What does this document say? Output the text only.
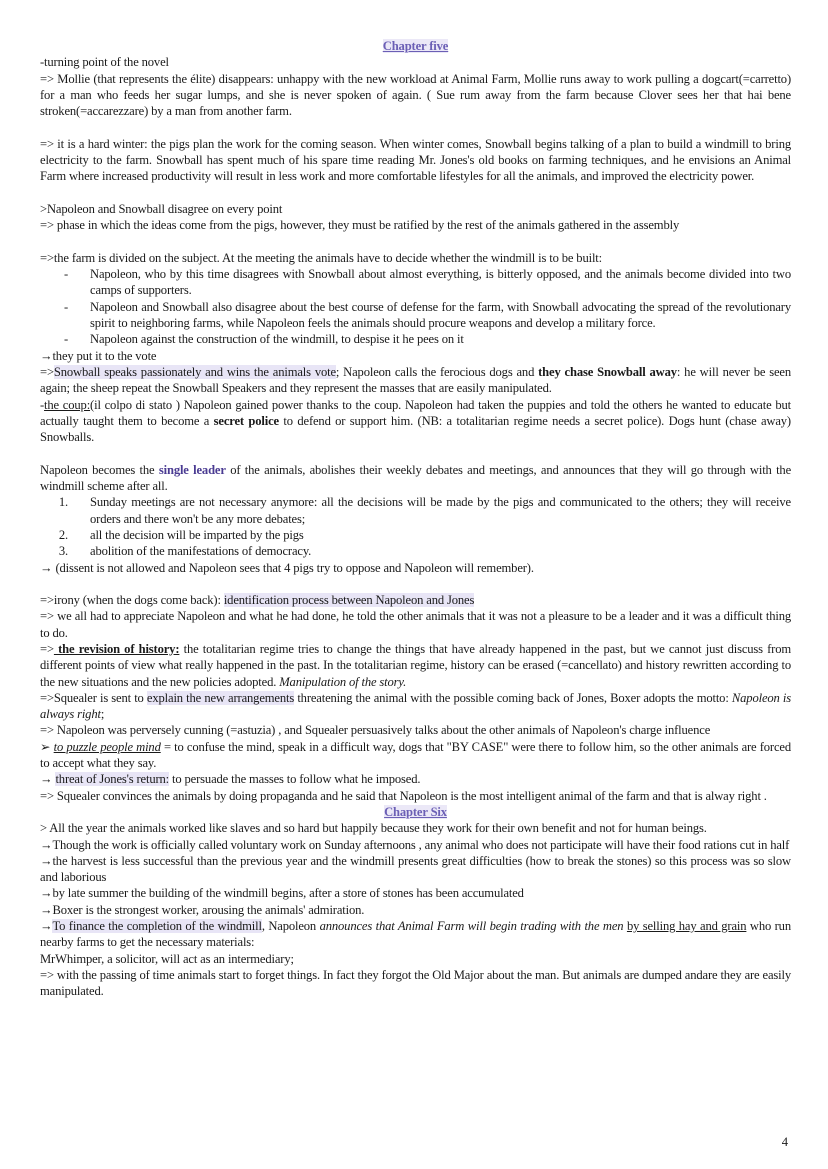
Chapter five
-turning point of the novel
=> Mollie (that represents the élite) disappears: unhappy with the new workload at Animal Farm, Mollie runs away to work pulling a dogcart(=carretto) for a man who feeds her sugar lumps, and she is never spoken of again. ( Sue rum away from the farm because Clover sees her that hai bene stroken(=accarezzare) by a man from another farm.
=> it is a hard winter: the pigs plan the work for the coming season. When winter comes, Snowball begins talking of a plan to build a windmill to bring electricity to the farm. Snowball has spent much of his spare time reading Mr. Jones's old books on farming techniques, and he envisions an Animal Farm where increased productivity will result in less work and more comfortable lifestyles for all the animals, and improved the electricity power.
>Napoleon and Snowball disagree on every point
=> phase in which the ideas come from the pigs, however, they must be ratified by the rest of the animals gathered in the assembly
=>the farm is divided on the subject. At the meeting the animals have to decide whether the windmill is to be built:
-	Napoleon, who by this time disagrees with Snowball about almost everything, is bitterly opposed, and the animals become divided into two camps of supporters.
-	Napoleon and Snowball also disagree about the best course of defense for the farm, with Snowball advocating the spread of the revolutionary spirit to neighboring farms, while Napoleon feels the animals should procure weapons and develop a military force.
-	Napoleon against the construction of the windmill, to despise it he pees on it
→they put it to the vote
=>Snowball speaks passionately and wins the animals vote; Napoleon calls the ferocious dogs and they chase Snowball away: he will never be seen again; the sheep repeat the Snowball Speakers and they represent the masses that are easily manipulated.
-the coup:(il colpo di stato ) Napoleon gained power thanks to the coup. Napoleon had taken the puppies and told the others he wanted to educate but actually taught them to become a secret police to defend or support him. (NB: a totalitarian regime needs a secret police). Dogs hunt (chase away) Snowballs.
Napoleon becomes the single leader of the animals, abolishes their weekly debates and meetings, and announces that they will go through with the windmill scheme after all.
1.	Sunday meetings are not necessary anymore: all the decisions will be made by the pigs and communicated to the others; they will receive orders and there won't be any more debates;
2.	all the decision will be imparted by the pigs
3.	abolition of the manifestations of democracy.
→ (dissent is not allowed and Napoleon sees that 4 pigs try to oppose and Napoleon will remember).
=>irony (when the dogs come back): identification process between Napoleon and Jones
=> we all had to appreciate Napoleon and what he had done, he told the other animals that it was not a pleasure to be a leader and it was a difficult thing to do.
=> the revision of history: the totalitarian regime tries to change the things that have already happened in the past, but we cannot just discuss from different points of view what really happened in the past. In the totalitarian regime, history can be erased (=cancellato) and history rewritten according to the new situations and the new policies adopted. Manipulation of the story.
=>Squealer is sent to explain the new arrangements threatening the animal with the possible coming back of Jones, Boxer adopts the motto: Napoleon is always right;
=> Napoleon was perversely cunning (=astuzia) , and Squealer persuasively talks about the other animals of Napoleon's charge influence
➢ to puzzle people mind = to confuse the mind, speak in a difficult way, dogs that "BY CASE" were there to follow him, so the other animals are forced to accept what they say.
→ threat of Jones's return: to persuade the masses to follow what he imposed.
=> Squealer convinces the animals by doing propaganda and he said that Napoleon is the most intelligent animal of the farm and that is alway right .
Chapter Six
> All the year the animals worked like slaves and so hard but happily because they work for their own benefit and not for human beings.
→Though the work is officially called voluntary work on Sunday afternoons , any animal who does not participate will have their food rations cut in half
→the harvest is less successful than the previous year and the windmill presents great difficulties (how to break the stones) so this process was so slow and laborious
→by late summer the building of the windmill begins, after a store of stones has been accumulated
→Boxer is the strongest worker, arousing the animals' admiration.
→To finance the completion of the windmill, Napoleon announces that Animal Farm will begin trading with the men by selling hay and grain who run nearby farms to get the necessary materials:
MrWhimper, a solicitor, will act as an intermediary;
=> with the passing of time animals start to forget things. In fact they forgot the Old Major about the man. But animals are dumped andare they are easily manipulated.
4
